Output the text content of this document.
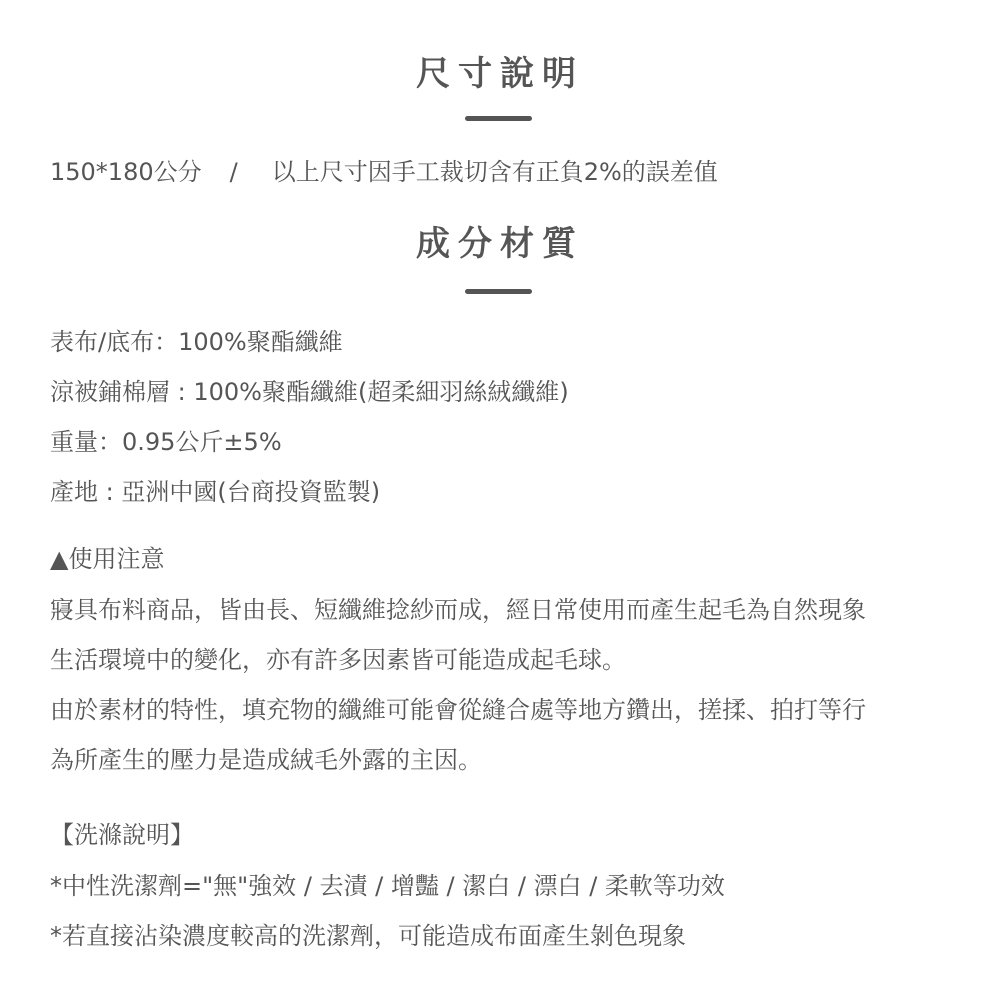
尺寸說明
150*180公分 / 以上尺寸因手工裁切含有正負2%的誤差值
成分材質
表布/底布：100%聚酯纖維
涼被鋪棉層 : 100%聚酯纖維(超柔細羽絲絨纖維)
重量：0.95公斤±5%
產地 : 亞洲中國(台商投資監製)
▲使用注意
寢具布料商品，皆由長、短纖維捻紗而成，經日常使用而產生起毛為自然現象
生活環境中的變化，亦有許多因素皆可能造成起毛球。
由於素材的特性，填充物的纖維可能會從縫合處等地方鑽出，搓揉、拍打等行
為所產生的壓力是造成絨毛外露的主因。
【洗滌說明】
*中性洗潔劑="無"強效 / 去漬 / 增豔 / 潔白 / 漂白 / 柔軟等功效
*若直接沾染濃度較高的洗潔劑，可能造成布面產生剝色現象
